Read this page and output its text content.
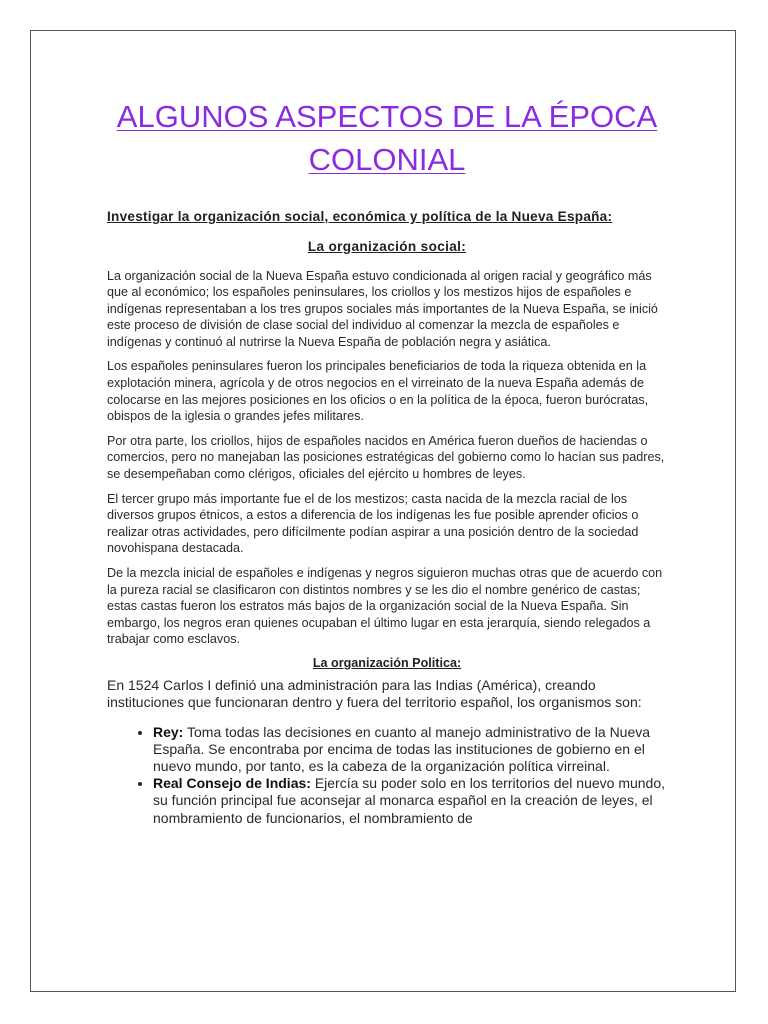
ALGUNOS ASPECTOS DE LA ÉPOCA COLONIAL
Investigar la organización social, económica y política de la Nueva España:
La organización social:

La organización social de la Nueva España estuvo condicionada al origen racial y geográfico más que al económico; los españoles peninsulares, los criollos y los mestizos hijos de españoles e indígenas representaban a los tres grupos sociales más importantes de la Nueva España, se inició este proceso de división de clase social del individuo al comenzar la mezcla de españoles e indígenas y continuó al nutrirse la Nueva España de población negra y asiática.

Los españoles peninsulares fueron los principales beneficiarios de toda la riqueza obtenida en la explotación minera, agrícola y de otros negocios en el virreinato de la nueva España además de colocarse en las mejores posiciones en los oficios o en la política de la época, fueron burócratas, obispos de la iglesia o grandes jefes militares.

Por otra parte, los criollos, hijos de españoles nacidos en América fueron dueños de haciendas o comercios, pero no manejaban las posiciones estratégicas del gobierno como lo hacían sus padres, se desempeñaban como clérigos, oficiales del ejército u hombres de leyes.

El tercer grupo más importante fue el de los mestizos; casta nacida de la mezcla racial de los diversos grupos étnicos, a estos a diferencia de los indígenas les fue posible aprender oficios o realizar otras actividades, pero difícilmente podían aspirar a una posición dentro de la sociedad novohispana destacada.

De la mezcla inicial de españoles e indígenas y negros siguieron muchas otras que de acuerdo con la pureza racial se clasificaron con distintos nombres y se les dio el nombre genérico de castas; estas castas fueron los estratos más bajos de la organización social de la Nueva España. Sin embargo, los negros eran quienes ocupaban el último lugar en esta jerarquía, siendo relegados a trabajar como esclavos.

La organización Politica:

En 1524 Carlos I definió una administración para las Indias (América), creando instituciones que funcionaran dentro y fuera del territorio español, los organismos son:

• Rey: Toma todas las decisiones en cuanto al manejo administrativo de la Nueva España. Se encontraba por encima de todas las instituciones de gobierno en el nuevo mundo, por tanto, es la cabeza de la organización política virreinal.
• Real Consejo de Indias: Ejercía su poder solo en los territorios del nuevo mundo, su función principal fue aconsejar al monarca español en la creación de leyes, el nombramiento de funcionarios, el nombramiento de
